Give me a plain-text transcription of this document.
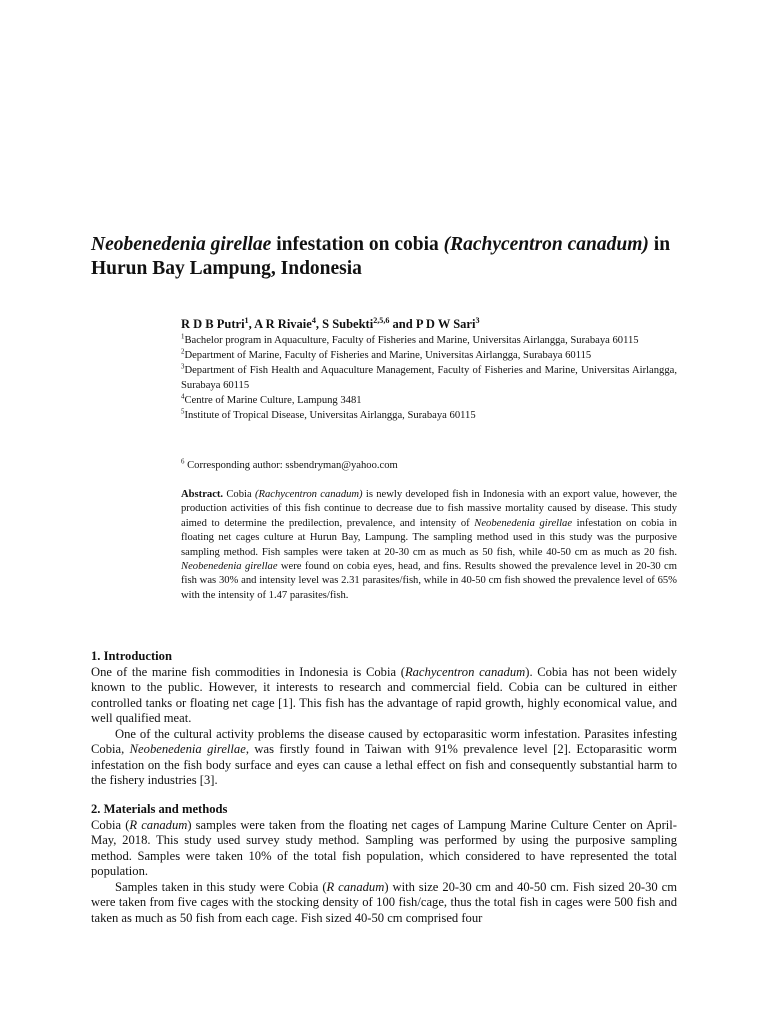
Neobenedenia girellae infestation on cobia (Rachycentron canadum) in Hurun Bay Lampung, Indonesia
R D B Putri$^1$, A R Rivaie$^4$, S Subekti$^{2,5,6}$ and P D W Sari$^3$

$^1$Bachelor program in Aquaculture, Faculty of Fisheries and Marine, Universitas Airlangga, Surabaya 60115

$^2$Department of Marine, Faculty of Fisheries and Marine, Universitas Airlangga, Surabaya 60115

$^3$Department of Fish Health and Aquaculture Management, Faculty of Fisheries and Marine, Universitas Airlangga, Surabaya 60115

$^4$Centre of Marine Culture, Lampung 3481

$^5$Institute of Tropical Disease, Universitas Airlangga, Surabaya 60115

$^6$ Corresponding author: ssbendryman@yahoo.com

Abstract. Cobia (Rachycentron canadum) is newly developed fish in Indonesia with an export value, however, the production activities of this fish continue to decrease due to fish massive mortality caused by disease. This study aimed to determine the predilection, prevalence, and intensity of Neobenedenia girellae infestation on cobia in floating net cages culture at Hurun Bay, Lampung. The sampling method used in this study was the purposive sampling method. Fish samples were taken at 20-30 cm as much as 50 fish, while 40-50 cm as much as 20 fish. Neobenedenia girellae were found on cobia eyes, head, and fins. Results showed the prevalence level in 20-30 cm fish was 30% and intensity level was 2.31 parasites/fish, while in 40-50 cm fish showed the prevalence level of 65% with the intensity of 1.47 parasites/fish.

1. Introduction

One of the marine fish commodities in Indonesia is Cobia (Rachycentron canadum). Cobia has not been widely known to the public. However, it interests to research and commercial field. Cobia can be cultured in either controlled tanks or floating net cage [1]. This fish has the advantage of rapid growth, highly economical value, and well qualified meat.

One of the cultural activity problems the disease caused by ectoparasitic worm infestation. Parasites infesting Cobia, Neobenedenia girellae, was firstly found in Taiwan with 91% prevalence level [2]. Ectoparasitic worm infestation on the fish body surface and eyes can cause a lethal effect on fish and consequently substantial harm to the fishery industries [3].

2. Materials and methods

Cobia (R canadum) samples were taken from the floating net cages of Lampung Marine Culture Center on April-May, 2018. This study used survey study method. Sampling was performed by using the purposive sampling method. Samples were taken 10% of the total fish population, which considered to have represented the total population.

Samples taken in this study were Cobia (R canadum) with size 20-30 cm and 40-50 cm. Fish sized 20-30 cm were taken from five cages with the stocking density of 100 fish/cage, thus the total fish in cages were 500 fish and taken as much as 50 fish from each cage. Fish sized 40-50 cm comprised four
